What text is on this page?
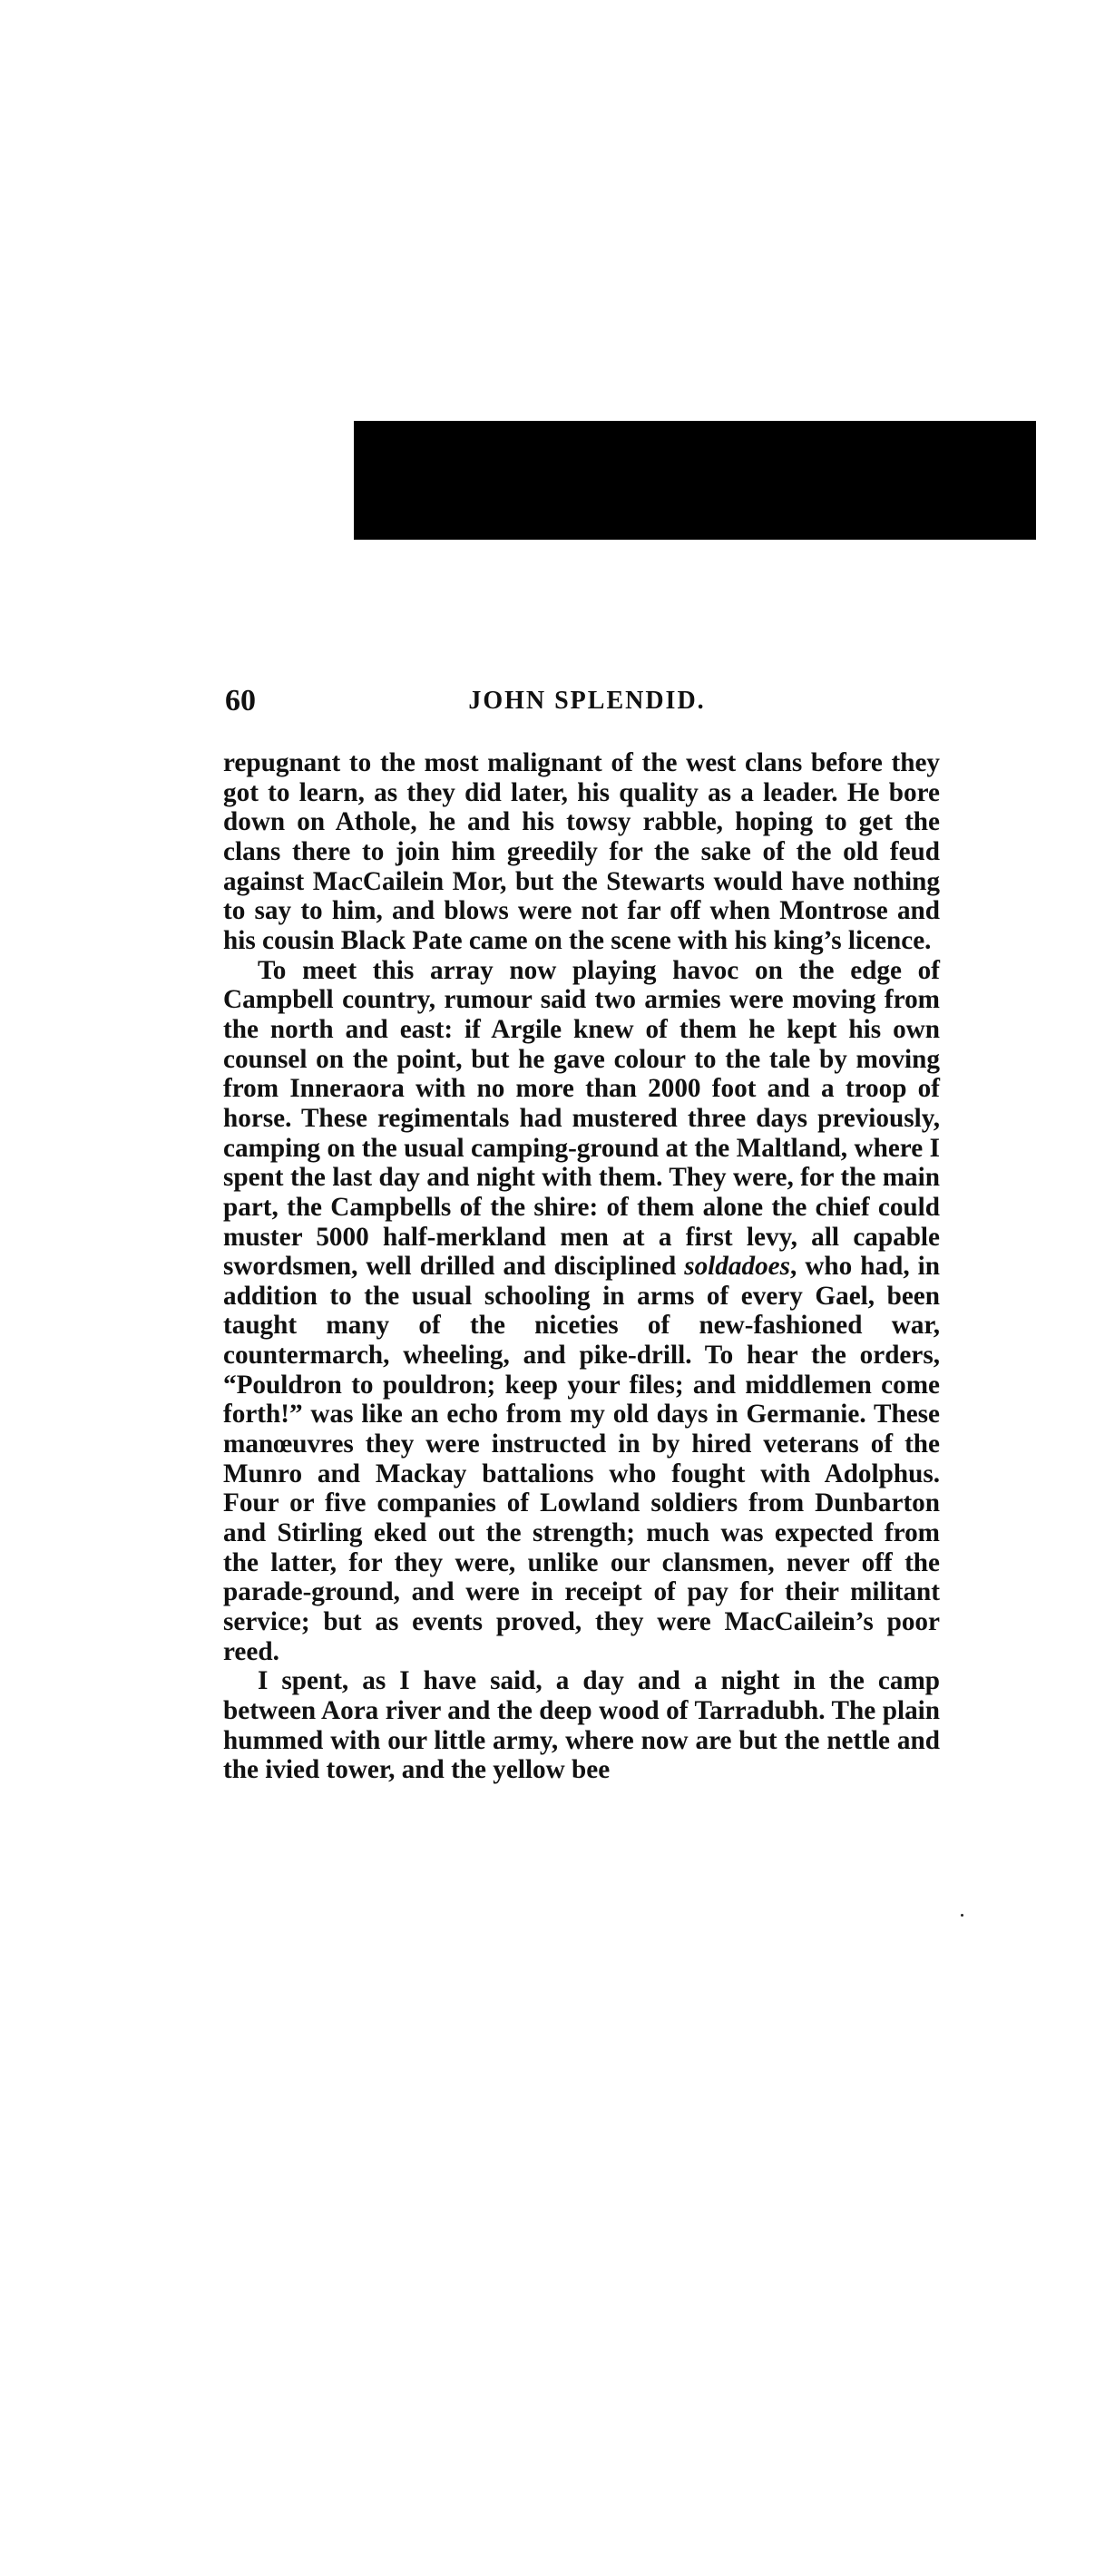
60	JOHN SPLENDID.

repugnant to the most malignant of the west clans before they got to learn, as they did later, his quality as a leader. He bore down on Athole, he and his towsy rabble, hoping to get the clans there to join him greedily for the sake of the old feud against MacCailein Mor, but the Stewarts would have nothing to say to him, and blows were not far off when Montrose and his cousin Black Pate came on the scene with his king’s licence.

To meet this array now playing havoc on the edge of Campbell country, rumour said two armies were moving from the north and east: if Argile knew of them he kept his own counsel on the point, but he gave colour to the tale by moving from Inneraora with no more than 2000 foot and a troop of horse. These regimentals had mustered three days previously, camping on the usual camping-ground at the Maltland, where I spent the last day and night with them. They were, for the main part, the Campbells of the shire: of them alone the chief could muster 5000 half-merkland men at a first levy, all capable swordsmen, well drilled and disciplined soldadoes, who had, in addition to the usual schooling in arms of every Gael, been taught many of the niceties of new-fashioned war, countermarch, wheeling, and pike-drill. To hear the orders, “Pouldron to pouldron; keep your files; and middlemen come forth!” was like an echo from my old days in Germanie. These manœuvres they were instructed in by hired veterans of the Munro and Mackay battalions who fought with Adolphus. Four or five companies of Lowland soldiers from Dunbarton and Stirling eked out the strength; much was expected from the latter, for they were, unlike our clansmen, never off the parade-ground, and were in receipt of pay for their militant service; but as events proved, they were MacCailein’s poor reed.

I spent, as I have said, a day and a night in the camp between Aora river and the deep wood of Tarradubh. The plain hummed with our little army, where now are but the nettle and the ivied tower, and the yellow bee
